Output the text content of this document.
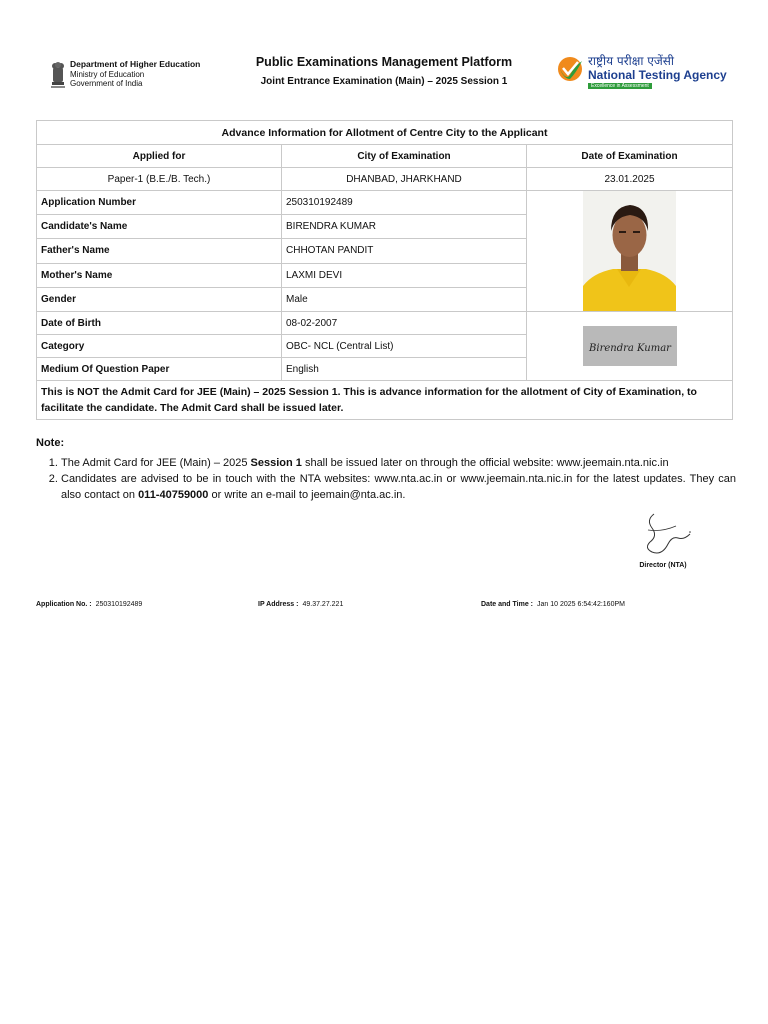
Department of Higher Education
Ministry of Education
Government of India
Public Examinations Management Platform
Joint Entrance Examination (Main) – 2025 Session 1
राष्ट्रीय परीक्षा एजेंसी
National Testing Agency
Excellence in Assessment
Advance Information for Allotment of Centre City to the Applicant		
Applied for	City of Examination	Date of Examination
Paper-1 (B.E./B. Tech.)	DHANBAD, JHARKHAND	23.01.2025
Application Number	250310192489	

Candidate's Name	BIRENDRA KUMAR	
Father's Name	CHHOTAN PANDIT	
Mother's Name	LAXMI DEVI	
Gender	Male	
Date of Birth	08-02-2007	Birendra Kumar

Category	OBC- NCL (Central List)	
Medium Of Question Paper	English	
This is NOT the Admit Card for JEE (Main) – 2025 Session 1. This is advance information for the allotment of City of Examination, to facilitate the candidate. The Admit Card shall be issued later.		
Note:
1. The Admit Card for JEE (Main) – 2025 Session 1 shall be issued later on through the official website: www.jeemain.nta.nic.in
2. Candidates are advised to be in touch with the NTA websites: www.nta.ac.in or www.jeemain.nta.nic.in for the latest updates. They can also contact on 011-40759000 or write an e-mail to jeemain@nta.ac.in.
Director (NTA)
Application No. : 250310192489	IP Address : 49.37.27.221	Date and Time : Jan 10 2025 6:54:42:160PM
